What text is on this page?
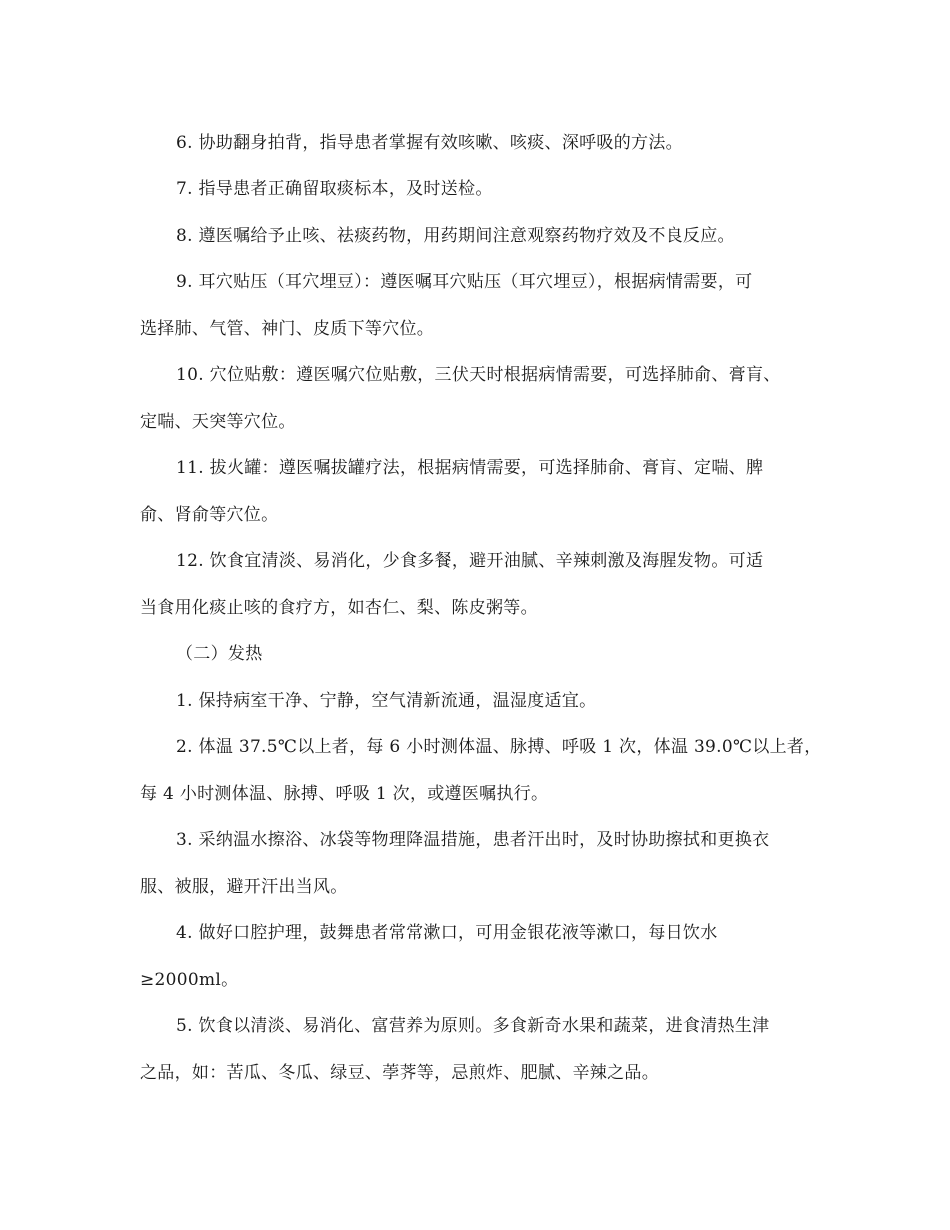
6. 协助翻身拍背，指导患者掌握有效咳嗽、咳痰、深呼吸的方法。
7. 指导患者正确留取痰标本，及时送检。
8. 遵医嘱给予止咳、祛痰药物，用药期间注意观察药物疗效及不良反应。
9. 耳穴贴压（耳穴埋豆）：遵医嘱耳穴贴压（耳穴埋豆），根据病情需要，可
选择肺、气管、神门、皮质下等穴位。
10. 穴位贴敷：遵医嘱穴位贴敷，三伏天时根据病情需要，可选择肺俞、膏肓、
定喘、天突等穴位。
11. 拔火罐：遵医嘱拔罐疗法，根据病情需要，可选择肺俞、膏肓、定喘、脾
俞、肾俞等穴位。
12. 饮食宜清淡、易消化，少食多餐，避开油腻、辛辣刺激及海腥发物。可适
当食用化痰止咳的食疗方，如杏仁、梨、陈皮粥等。
（二）发热
1. 保持病室干净、宁静，空气清新流通，温湿度适宜。
2. 体温 37.5℃以上者，每 6 小时测体温、脉搏、呼吸 1 次，体温 39.0℃以上者，
每 4 小时测体温、脉搏、呼吸 1 次，或遵医嘱执行。
3. 采纳温水擦浴、冰袋等物理降温措施，患者汗出时，及时协助擦拭和更换衣
服、被服，避开汗出当风。
4. 做好口腔护理，鼓舞患者常常漱口，可用金银花液等漱口，每日饮水
≥2000ml。
5. 饮食以清淡、易消化、富营养为原则。多食新奇水果和蔬菜，进食清热生津
之品，如：苦瓜、冬瓜、绿豆、荸荠等，忌煎炸、肥腻、辛辣之品。
